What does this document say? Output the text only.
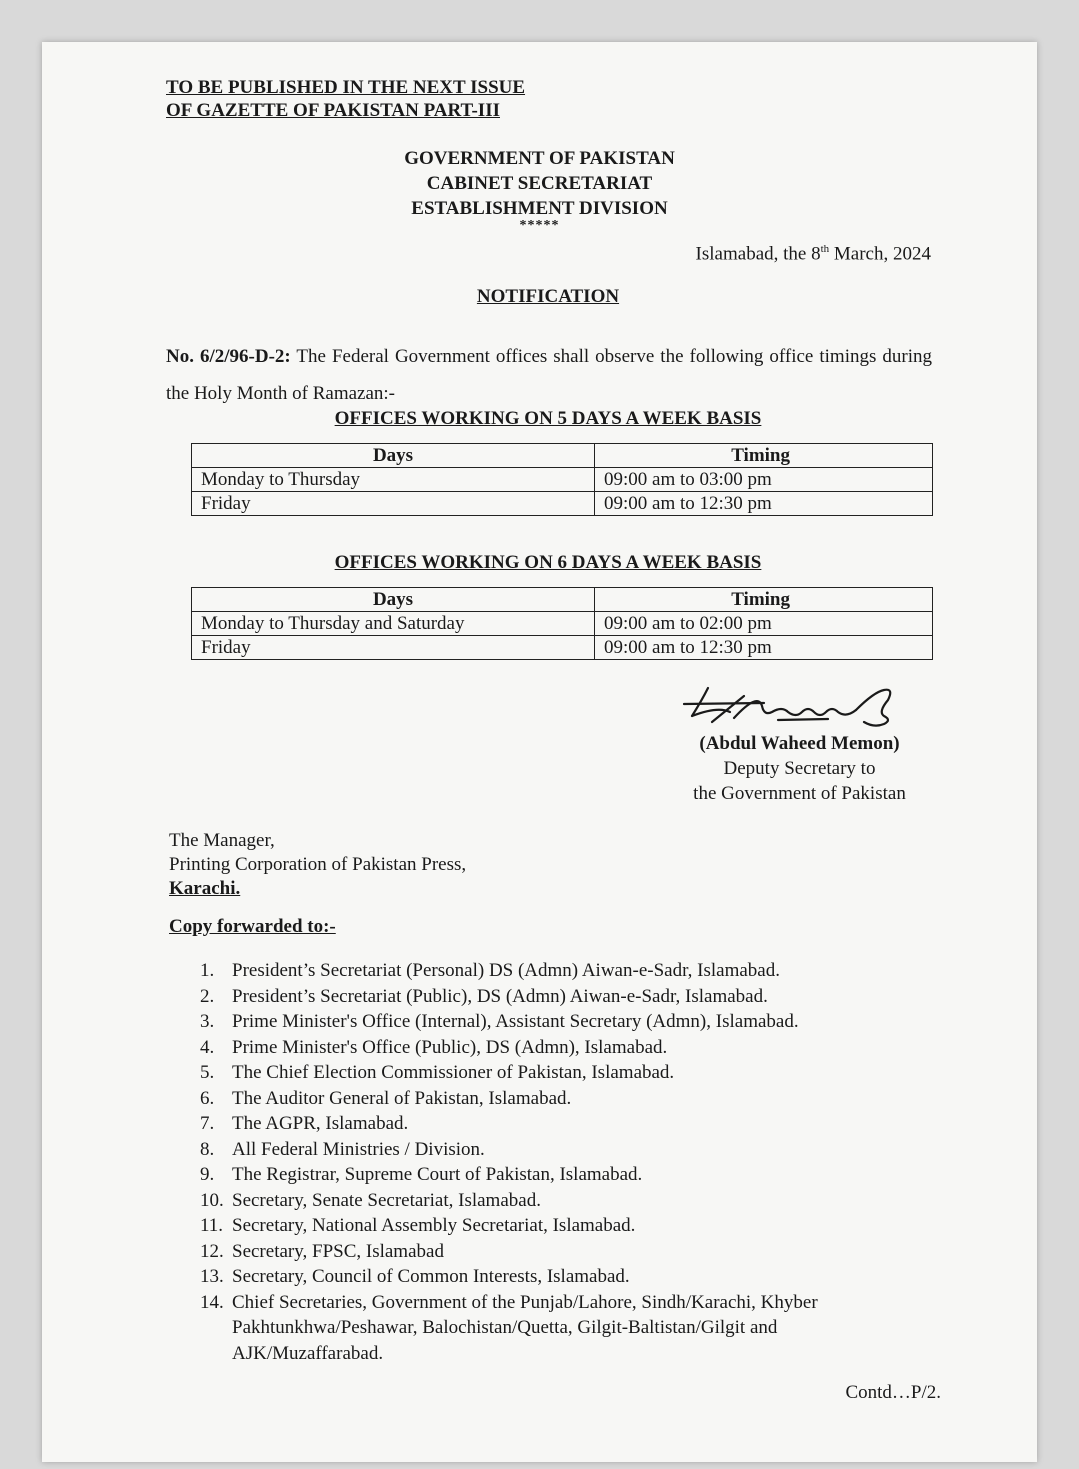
TO BE PUBLISHED IN THE NEXT ISSUE
OF GAZETTE OF PAKISTAN PART-III
GOVERNMENT OF PAKISTAN
CABINET SECRETARIAT
ESTABLISHMENT DIVISION
*****
Islamabad, the 8th March, 2024
NOTIFICATION
No. 6/2/96-D-2: The Federal Government offices shall observe the following office timings during the Holy Month of Ramazan:-
OFFICES WORKING ON 5 DAYS A WEEK BASIS
Days	Timing
Monday to Thursday	09:00 am to 03:00 pm
Friday	09:00 am to 12:30 pm
OFFICES WORKING ON 6 DAYS A WEEK BASIS
Days	Timing
Monday to Thursday and Saturday	09:00 am to 02:00 pm
Friday	09:00 am to 12:30 pm
(Abdul Waheed Memon)
Deputy Secretary to
the Government of Pakistan
The Manager,
Printing Corporation of Pakistan Press,
Karachi.
Copy forwarded to:-
1. President’s Secretariat (Personal) DS (Admn) Aiwan-e-Sadr, Islamabad.
2. President’s Secretariat (Public), DS (Admn) Aiwan-e-Sadr, Islamabad.
3. Prime Minister's Office (Internal), Assistant Secretary (Admn), Islamabad.
4. Prime Minister's Office (Public), DS (Admn), Islamabad.
5. The Chief Election Commissioner of Pakistan, Islamabad.
6. The Auditor General of Pakistan, Islamabad.
7. The AGPR, Islamabad.
8. All Federal Ministries / Division.
9. The Registrar, Supreme Court of Pakistan, Islamabad.
10. Secretary, Senate Secretariat, Islamabad.
11. Secretary, National Assembly Secretariat, Islamabad.
12. Secretary, FPSC, Islamabad
13. Secretary, Council of Common Interests, Islamabad.
14. Chief Secretaries, Government of the Punjab/Lahore, Sindh/Karachi, Khyber Pakhtunkhwa/Peshawar, Balochistan/Quetta, Gilgit-Baltistan/Gilgit and AJK/Muzaffarabad.
Contd…P/2.
